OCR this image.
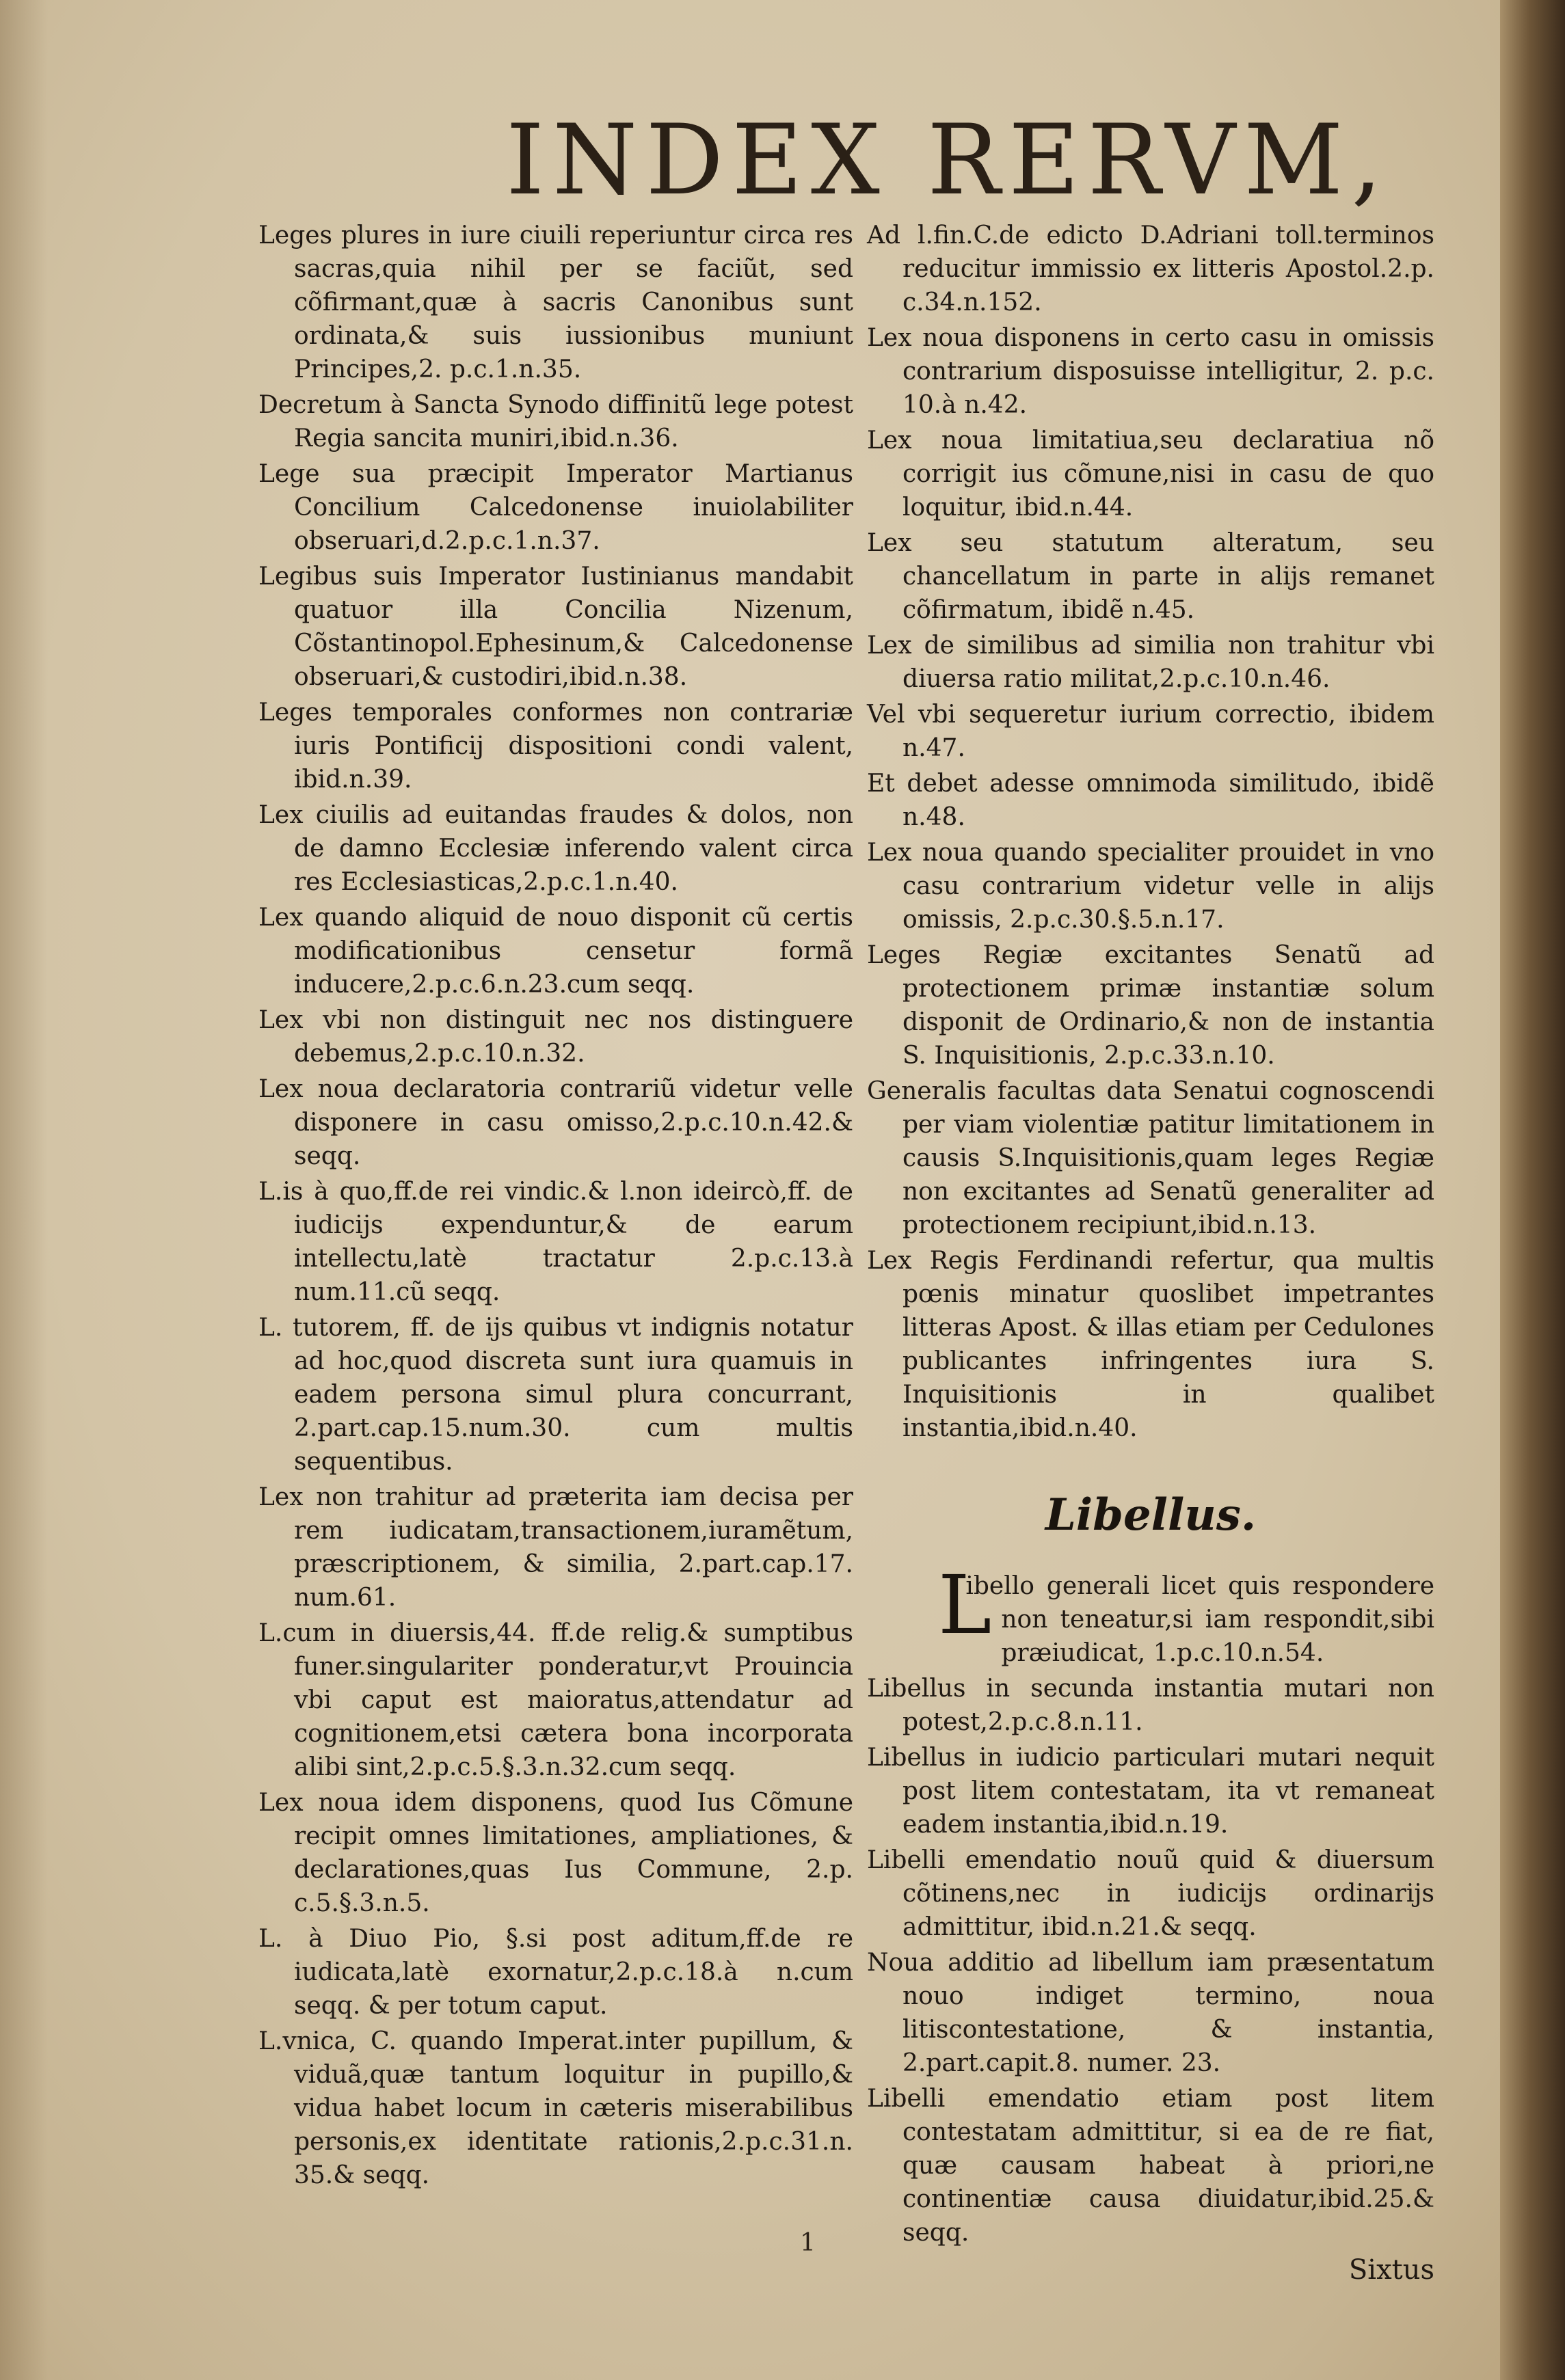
INDEX RERVM,

Leges plures in iure ciuili reperiuntur circa res sacras,quia nihil per se faciũt, sed cõfirmant,quæ à sacris Canonibus sunt ordinata,& suis iussionibus muniunt Principes,2. p.c.1.n.35.

Decretum à Sancta Synodo diffinitũ lege potest Regia sancita muniri,ibid.n.36.

Lege sua præcipit Imperator Martianus Concilium Calcedonense inuiolabiliter obseruari,d.2.p.c.1.n.37.

Legibus suis Imperator Iustinianus mandabit quatuor illa Concilia Nizenum, Cõstantinopol.Ephesinum,& Calcedonense obseruari,& custodiri,ibid.n.38.

Leges temporales conformes non contrariæ iuris Pontificij dispositioni condi valent, ibid.n.39.

Lex ciuilis ad euitandas fraudes & dolos, non de damno Ecclesiæ inferendo valent circa res Ecclesiasticas,2.p.c.1.n.40.

Lex quando aliquid de nouo disponit cũ certis modificationibus censetur formã inducere,2.p.c.6.n.23.cum seqq.

Lex vbi non distinguit nec nos distinguere debemus,2.p.c.10.n.32.

Lex noua declaratoria contrariũ videtur velle disponere in casu omisso,2.p.c.10.n.42.& seqq.

L.is à quo,ff.de rei vindic.& l.non ideircò,ff. de iudicijs expenduntur,& de earum intellectu,latè tractatur 2.p.c.13.à num.11.cũ seqq.

L. tutorem, ff. de ijs quibus vt indignis notatur ad hoc,quod discreta sunt iura quamuis in eadem persona simul plura concurrant, 2.part.cap.15.num.30. cum multis sequentibus.

Lex non trahitur ad præterita iam decisa per rem iudicatam,transactionem,iuramẽtum, præscriptionem, & similia, 2.part.cap.17. num.61.

L.cum in diuersis,44. ff.de relig.& sumptibus funer.singulariter ponderatur,vt Prouincia vbi caput est maioratus,attendatur ad cognitionem,etsi cætera bona incorporata alibi sint,2.p.c.5.§.3.n.32.cum seqq.

Lex noua idem disponens, quod Ius Cõmune recipit omnes limitationes, ampliationes, & declarationes,quas Ius Commune, 2.p. c.5.§.3.n.5.

L. à Diuo Pio, §.si post aditum,ff.de re iudicata,latè exornatur,2.p.c.18.à n.cum seqq. & per totum caput.

L.vnica, C. quando Imperat.inter pupillum, & viduã,quæ tantum loquitur in pupillo,& vidua habet locum in cæteris miserabilibus personis,ex identitate rationis,2.p.c.31.n. 35.& seqq.

Ad l.fin.C.de edicto D.Adriani toll.terminos reducitur immissio ex litteris Apostol.2.p. c.34.n.152.

Lex noua disponens in certo casu in omissis contrarium disposuisse intelligitur, 2. p.c. 10.à n.42.

Lex noua limitatiua,seu declaratiua nõ corrigit ius cõmune,nisi in casu de quo loquitur, ibid.n.44.

Lex seu statutum alteratum, seu chancellatum in parte in alijs remanet cõfirmatum, ibidẽ n.45.

Lex de similibus ad similia non trahitur vbi diuersa ratio militat,2.p.c.10.n.46.

Vel vbi sequeretur iurium correctio, ibidem n.47.

Et debet adesse omnimoda similitudo, ibidẽ n.48.

Lex noua quando specialiter prouidet in vno casu contrarium videtur velle in alijs omissis, 2.p.c.30.§.5.n.17.

Leges Regiæ excitantes Senatũ ad protectionem primæ instantiæ solum disponit de Ordinario,& non de instantia S. Inquisitionis, 2.p.c.33.n.10.

Generalis facultas data Senatui cognoscendi per viam violentiæ patitur limitationem in causis S.Inquisitionis,quam leges Regiæ non excitantes ad Senatũ generaliter ad protectionem recipiunt,ibid.n.13.

Lex Regis Ferdinandi refertur, qua multis pœnis minatur quoslibet impetrantes litteras Apost. & illas etiam per Cedulones publicantes infringentes iura S. Inquisitionis in qualibet instantia,ibid.n.40.

Libellus.
L
ibello generali licet quis respondere non teneatur,si iam respondit,sibi præiudicat, 1.p.c.10.n.54.

Libellus in secunda instantia mutari non potest,2.p.c.8.n.11.

Libellus in iudicio particulari mutari nequit post litem contestatam, ita vt remaneat eadem instantia,ibid.n.19.

Libelli emendatio nouũ quid & diuersum cõtinens,nec in iudicijs ordinarijs admittitur, ibid.n.21.& seqq.

Noua additio ad libellum iam præsentatum nouo indiget termino, noua litiscontestatione, & instantia, 2.part.capit.8. numer. 23.

Libelli emendatio etiam post litem contestatam admittitur, si ea de re fiat, quæ causam habeat à priori,ne continentiæ causa diuidatur,ibid.25.& seqq.

Sixtus
1
